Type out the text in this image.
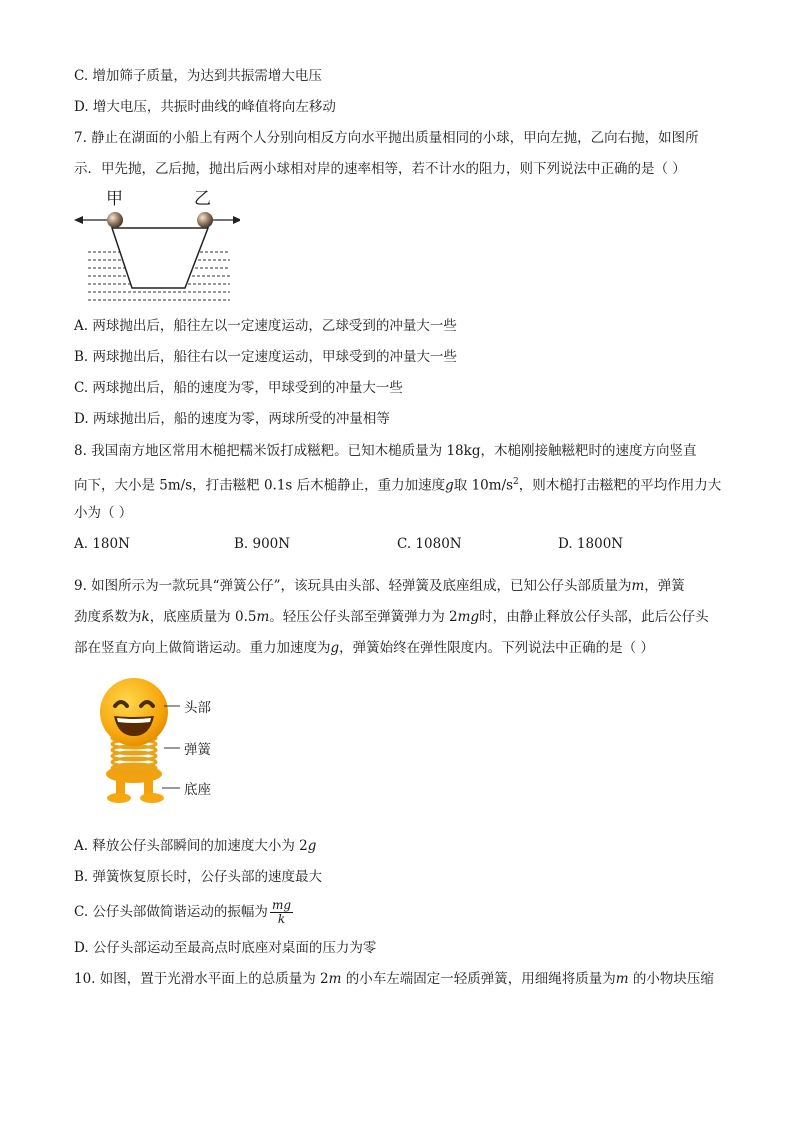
C. 增加筛子质量，为达到共振需增大电压
D. 增大电压，共振时曲线的峰值将向左移动
7. 静止在湖面的小船上有两个人分别向相反方向水平抛出质量相同的小球，甲向左抛，乙向右抛，如图所
示．甲先抛，乙后抛，抛出后两小球相对岸的速率相等，若不计水的阻力，则下列说法中正确的是（ ）
甲	乙
A. 两球抛出后，船往左以一定速度运动，乙球受到的冲量大一些
B. 两球抛出后，船往右以一定速度运动，甲球受到的冲量大一些
C. 两球抛出后，船的速度为零，甲球受到的冲量大一些
D. 两球抛出后，船的速度为零，两球所受的冲量相等
8. 我国南方地区常用木槌把糯米饭打成糍粑。已知木槌质量为 18kg，木槌刚接触糍粑时的速度方向竖直
向下，大小是 5m/s，打击糍粑 0.1s 后木槌静止，重力加速度g取 $10m/s^2$，则木槌打击糍粑的平均作用力大
小为（ ）
A. 180N	B. 900N	C. 1080N	D. 1800N
9. 如图所示为一款玩具“弹簧公仔”，该玩具由头部、轻弹簧及底座组成，已知公仔头部质量为m，弹簧
劲度系数为k，底座质量为 0.5m。轻压公仔头部至弹簧弹力为 2mg时，由静止释放公仔头部，此后公仔头
部在竖直方向上做简谐运动。重力加速度为g，弹簧始终在弹性限度内。下列说法中正确的是（ ）
头部
弹簧
底座
A. 释放公仔头部瞬间的加速度大小为 2g
B. 弹簧恢复原长时，公仔头部的速度最大
C. 公仔头部做简谐运动的振幅为 $\frac{mg}{k}$
D. 公仔头部运动至最高点时底座对桌面的压力为零
10. 如图，置于光滑水平面上的总质量为 2m 的小车左端固定一轻质弹簧，用细绳将质量为m 的小物块压缩
